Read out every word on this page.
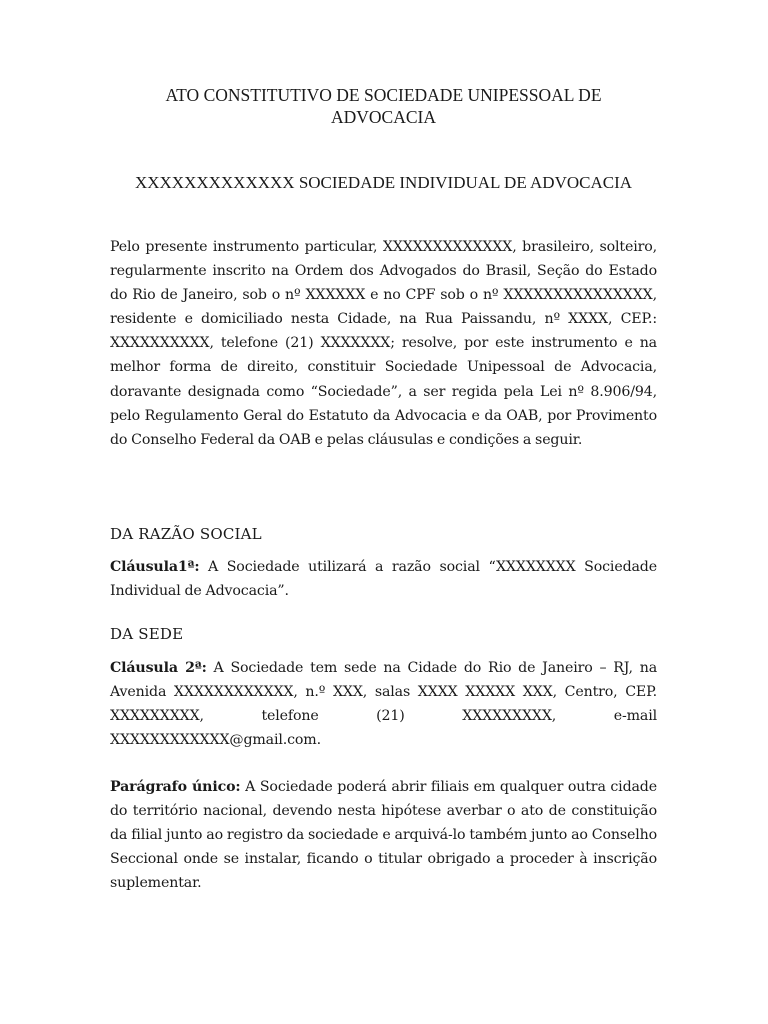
ATO CONSTITUTIVO DE SOCIEDADE UNIPESSOAL DE
ADVOCACIA

XXXXXXXXXXXXX SOCIEDADE INDIVIDUAL DE ADVOCACIA

Pelo presente instrumento particular, XXXXXXXXXXXXX, brasileiro, solteiro, regularmente inscrito na Ordem dos Advogados do Brasil, Seção do Estado do Rio de Janeiro, sob o nº XXXXXX e no CPF sob o nº XXXXXXXXXXXXXXX, residente e domiciliado nesta Cidade, na Rua Paissandu, nº XXXX, CEP.: XXXXXXXXXX, telefone (21) XXXXXXX; resolve, por este instrumento e na melhor forma de direito, constituir Sociedade Unipessoal de Advocacia, doravante designada como “Sociedade”, a ser regida pela Lei nº 8.906/94, pelo Regulamento Geral do Estatuto da Advocacia e da OAB, por Provimento do Conselho Federal da OAB e pelas cláusulas e condições a seguir.

DA RAZÃO SOCIAL

Cláusula1ª: A Sociedade utilizará a razão social “XXXXXXXX Sociedade Individual de Advocacia”.

DA SEDE

Cláusula 2ª: A Sociedade tem sede na Cidade do Rio de Janeiro – RJ, na Avenida XXXXXXXXXXXX, n.º XXX, salas XXXX XXXXX XXX, Centro, CEP. XXXXXXXXX, telefone (21) XXXXXXXXX, e-mail XXXXXXXXXXXX@gmail.com.

Parágrafo único: A Sociedade poderá abrir filiais em qualquer outra cidade do território nacional, devendo nesta hipótese averbar o ato de constituição da filial junto ao registro da sociedade e arquivá-lo também junto ao Conselho Seccional onde se instalar, ficando o titular obrigado a proceder à inscrição suplementar.
